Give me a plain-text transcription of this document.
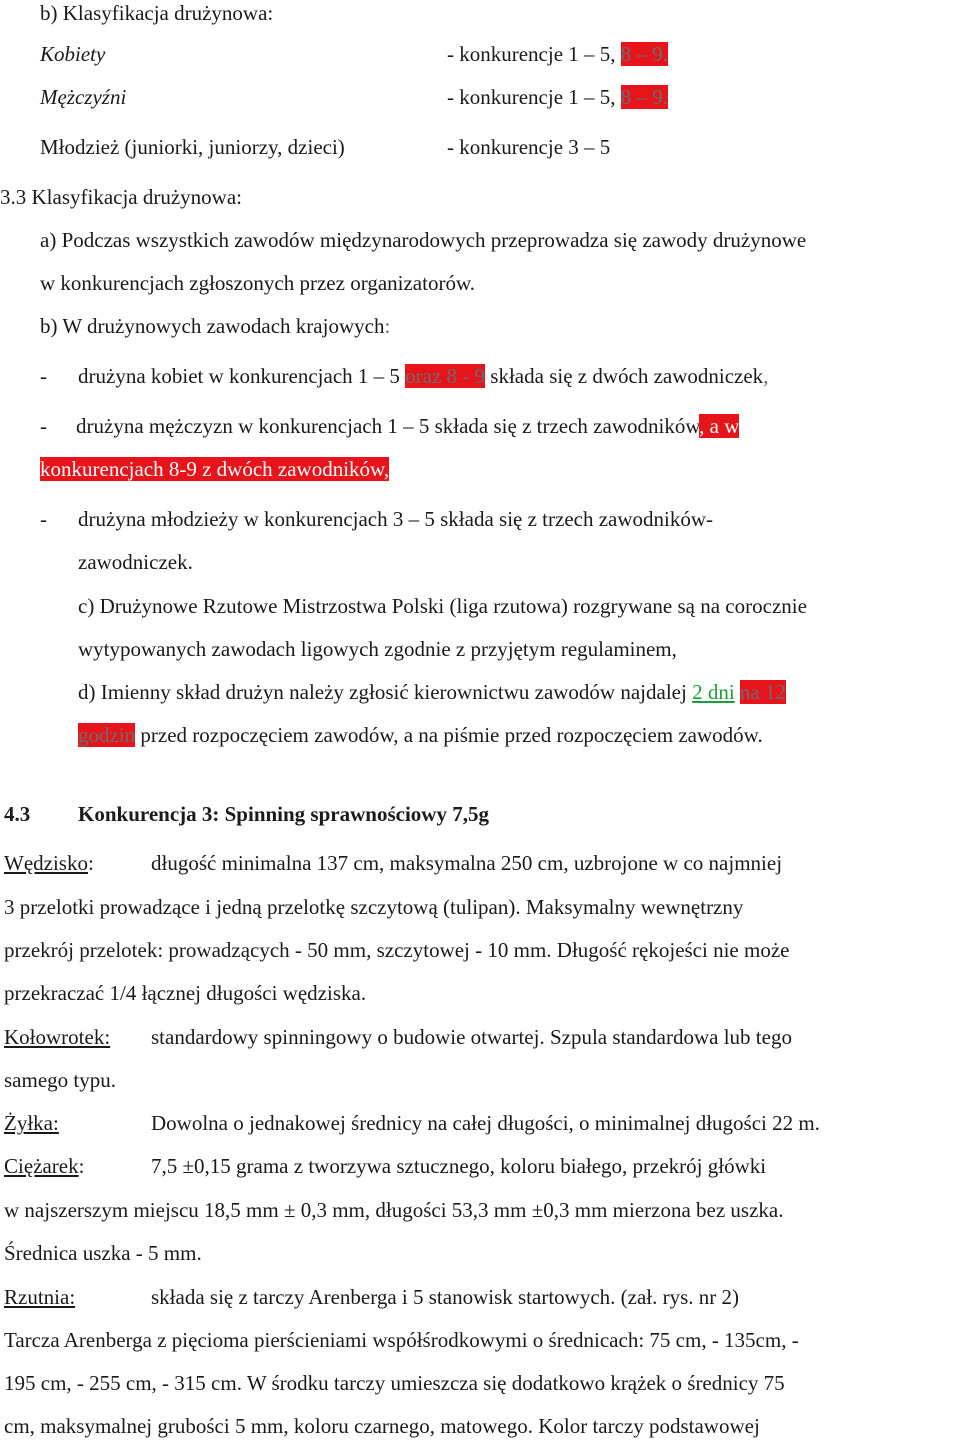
b) Klasyfikacja drużynowa:
Kobiety	- konkurencje 1 – 5, 8 – 9.
Mężczyźni	- konkurencje 1 – 5, 8 – 9.
Młodzież (juniorki, juniorzy, dzieci)	- konkurencje 3 – 5
3.3 Klasyfikacja drużynowa:
a) Podczas wszystkich zawodów międzynarodowych przeprowadza się zawody drużynowe
w konkurencjach zgłoszonych przez organizatorów.
b) W drużynowych zawodach krajowych:
- drużyna kobiet w konkurencjach 1 – 5 oraz 8 - 9 składa się z dwóch zawodniczek,
- drużyna mężczyzn w konkurencjach 1 – 5 składa się z trzech zawodników, a w
konkurencjach 8-9 z dwóch zawodników,
- drużyna młodzieży w konkurencjach 3 – 5 składa się z trzech zawodników-
zawodniczek.
c) Drużynowe Rzutowe Mistrzostwa Polski (liga rzutowa) rozgrywane są na corocznie
wytypowanych zawodach ligowych zgodnie z przyjętym regulaminem,
d) Imienny skład drużyn należy zgłosić kierownictwu zawodów najdalej 2 dni na 12
godzin przed rozpoczęciem zawodów, a na piśmie przed rozpoczęciem zawodów.
4.3 Konkurencja 3: Spinning sprawnościowy 7,5g
Wędzisko:	długość minimalna 137 cm, maksymalna 250 cm, uzbrojone w co najmniej
3 przelotki prowadzące i jedną przelotkę szczytową (tulipan). Maksymalny wewnętrzny
przekrój przelotek: prowadzących - 50 mm, szczytowej - 10 mm. Długość rękojeści nie może
przekraczać 1/4 łącznej długości wędziska.
Kołowrotek: standardowy spinningowy o budowie otwartej. Szpula standardowa lub tego
samego typu.
Żyłka:	Dowolna o jednakowej średnicy na całej długości, o minimalnej długości 22 m.
Ciężarek:	7,5 ±0,15 grama z tworzywa sztucznego, koloru białego, przekrój główki
w najszerszym miejscu 18,5 mm ± 0,3 mm, długości 53,3 mm ±0,3 mm mierzona bez uszka.
Średnica uszka - 5 mm.
Rzutnia:	składa się z tarczy Arenberga i 5 stanowisk startowych. (zał. rys. nr 2)
Tarcza Arenberga z pięcioma pierścieniami współśrodkowymi o średnicach: 75 cm, - 135cm, -
195 cm, - 255 cm, - 315 cm. W środku tarczy umieszcza się dodatkowo krążek o średnicy 75
cm, maksymalnej grubości 5 mm, koloru czarnego, matowego. Kolor tarczy podstawowej
